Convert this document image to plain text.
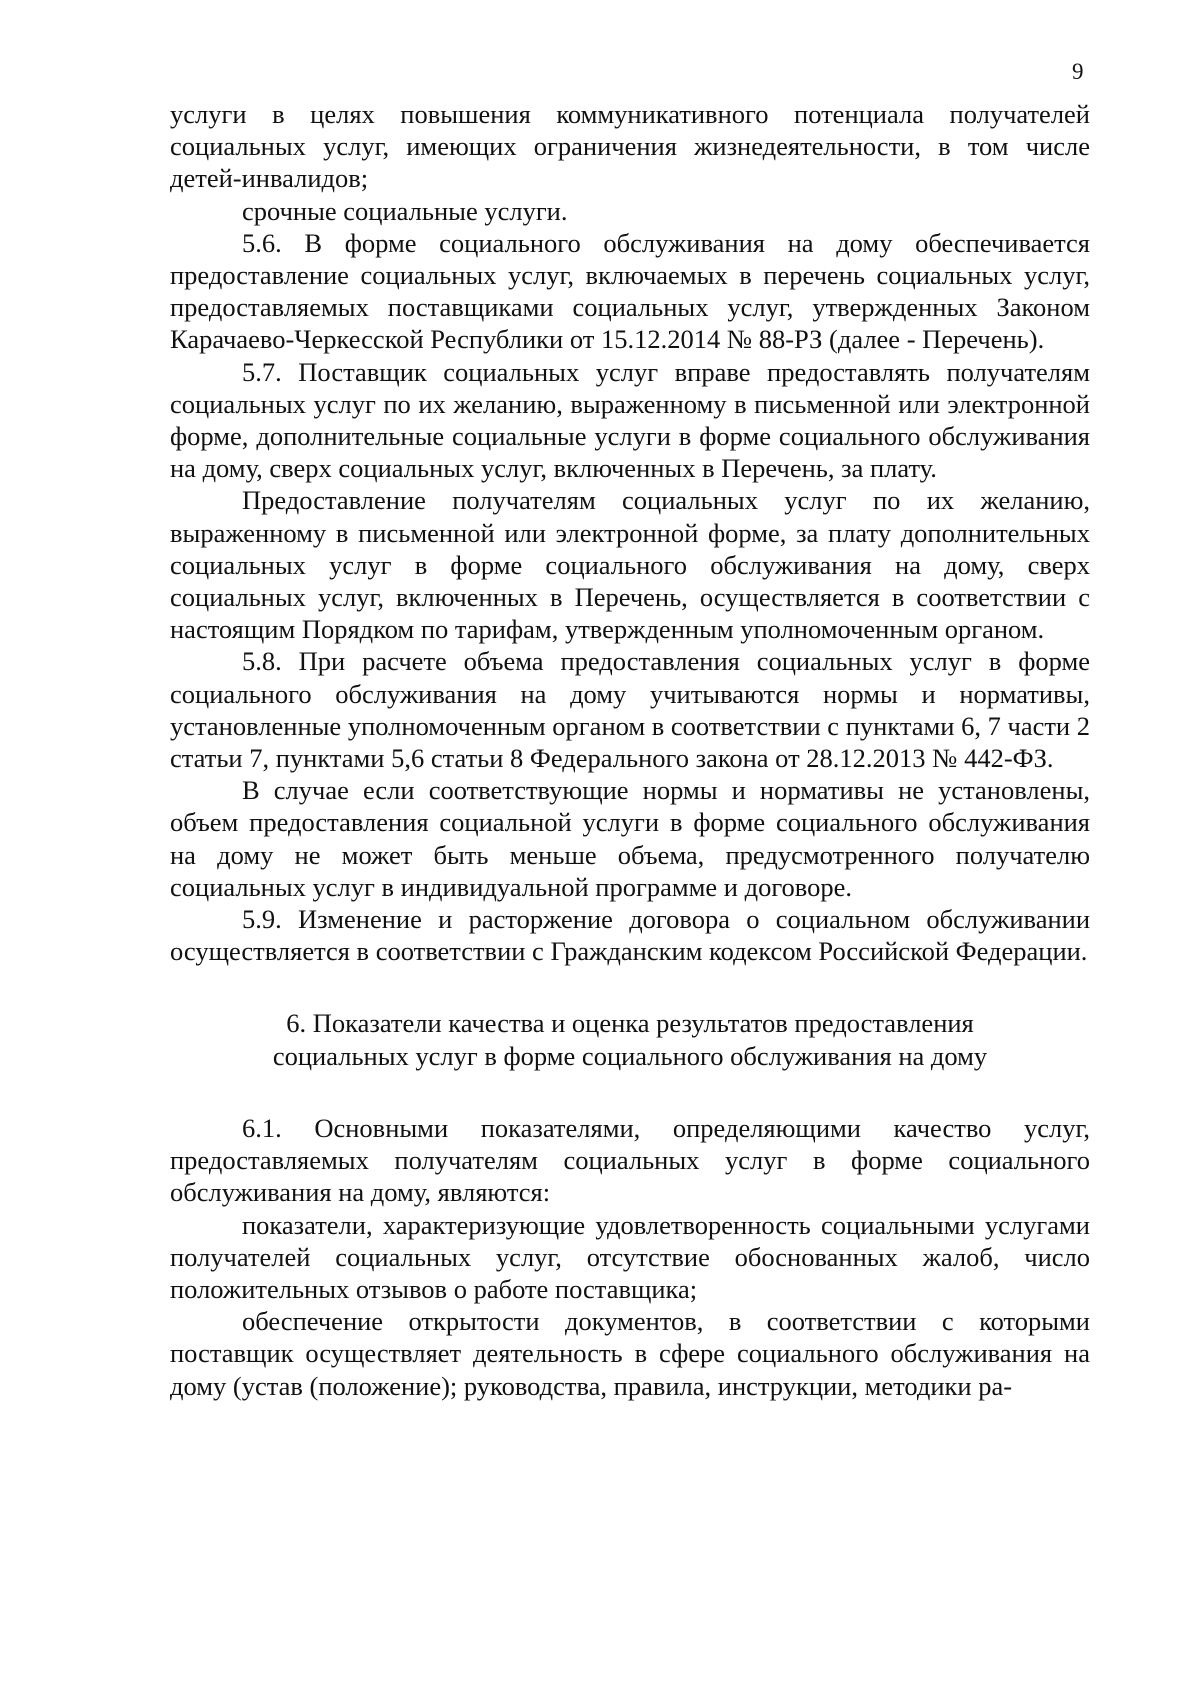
9

услуги в целях повышения коммуникативного потенциала получателей социальных услуг, имеющих ограничения жизнедеятельности, в том числе детей-инвалидов;

срочные социальные услуги.

5.6. В форме социального обслуживания на дому обеспечивается предоставление социальных услуг, включаемых в перечень социальных услуг, предоставляемых поставщиками социальных услуг, утвержденных Законом Карачаево-Черкесской Республики от 15.12.2014 № 88-РЗ (далее - Перечень).

5.7. Поставщик социальных услуг вправе предоставлять получателям социальных услуг по их желанию, выраженному в письменной или электронной форме, дополнительные социальные услуги в форме социального обслуживания на дому, сверх социальных услуг, включенных в Перечень, за плату.

Предоставление получателям социальных услуг по их желанию, выраженному в письменной или электронной форме, за плату дополнительных социальных услуг в форме социального обслуживания на дому, сверх социальных услуг, включенных в Перечень, осуществляется в соответствии с настоящим Порядком по тарифам, утвержденным уполномоченным органом.

5.8. При расчете объема предоставления социальных услуг в форме социального обслуживания на дому учитываются нормы и нормативы, установленные уполномоченным органом в соответствии с пунктами 6, 7 части 2 статьи 7, пунктами 5,6 статьи 8 Федерального закона от 28.12.2013 № 442-ФЗ.

В случае если соответствующие нормы и нормативы не установлены, объем предоставления социальной услуги в форме социального обслуживания на дому не может быть меньше объема, предусмотренного получателю социальных услуг в индивидуальной программе и договоре.

5.9. Изменение и расторжение договора о социальном обслуживании осуществляется в соответствии с Гражданским кодексом Российской Федерации.

6. Показатели качества и оценка результатов предоставления
социальных услуг в форме социального обслуживания на дому

6.1. Основными показателями, определяющими качество услуг, предоставляемых получателям социальных услуг в форме социального обслуживания на дому, являются:

показатели, характеризующие удовлетворенность социальными услугами получателей социальных услуг, отсутствие обоснованных жалоб, число положительных отзывов о работе поставщика;

обеспечение открытости документов, в соответствии с которыми поставщик осуществляет деятельность в сфере социального обслуживания на дому (устав (положение); руководства, правила, инструкции, методики ра-
